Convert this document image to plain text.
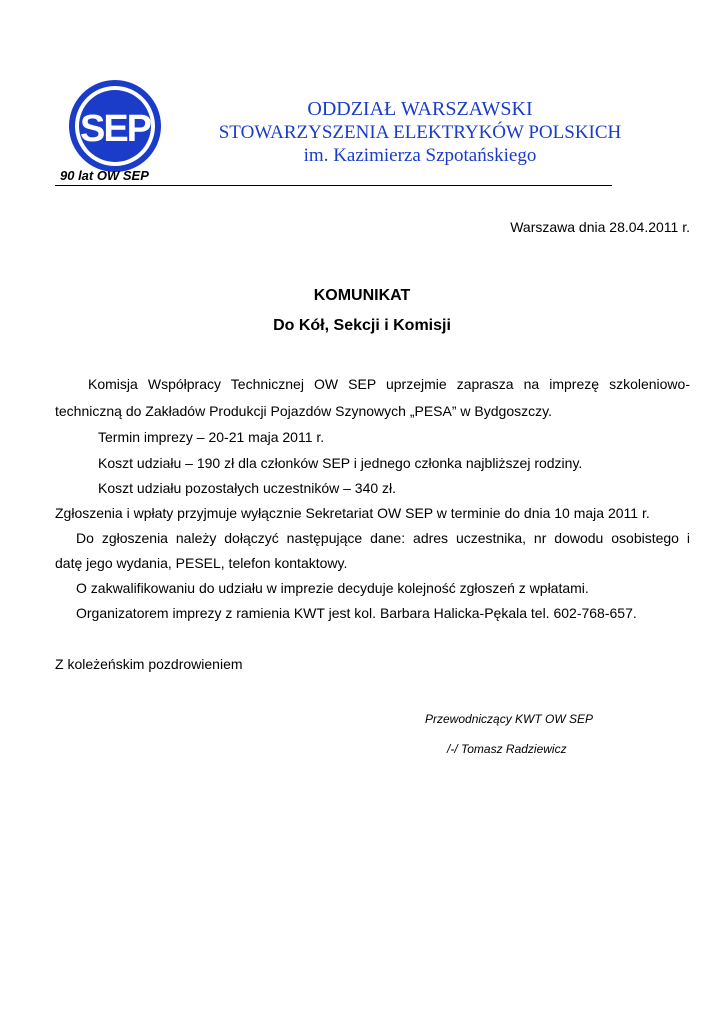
SEP
90 lat OW SEP
ODDZIAŁ WARSZAWSKI
STOWARZYSZENIA ELEKTRYKÓW POLSKICH
im. Kazimierza Szpotańskiego
Warszawa dnia 28.04.2011 r.
KOMUNIKAT
Do Kół, Sekcji i Komisji
Komisja Współpracy Technicznej OW SEP uprzejmie zaprasza na imprezę szkoleniowo-
techniczną do Zakładów Produkcji Pojazdów Szynowych „PESA” w Bydgoszczy.
Termin imprezy – 20-21 maja 2011 r.
Koszt udziału – 190 zł dla członków SEP i jednego członka najbliższej rodziny.
Koszt udziału pozostałych uczestników – 340 zł.
Zgłoszenia i wpłaty przyjmuje wyłącznie Sekretariat OW SEP w terminie do dnia 10 maja 2011 r.
Do zgłoszenia należy dołączyć następujące dane: adres uczestnika, nr dowodu osobistego i
datę jego wydania, PESEL, telefon kontaktowy.
O zakwalifikowaniu do udziału w imprezie decyduje kolejność zgłoszeń z wpłatami.
Organizatorem imprezy z ramienia KWT jest kol. Barbara Halicka-Pękala tel. 602-768-657.
Z koleżeńskim pozdrowieniem
Przewodniczący KWT OW SEP
/-/ Tomasz Radziewicz
